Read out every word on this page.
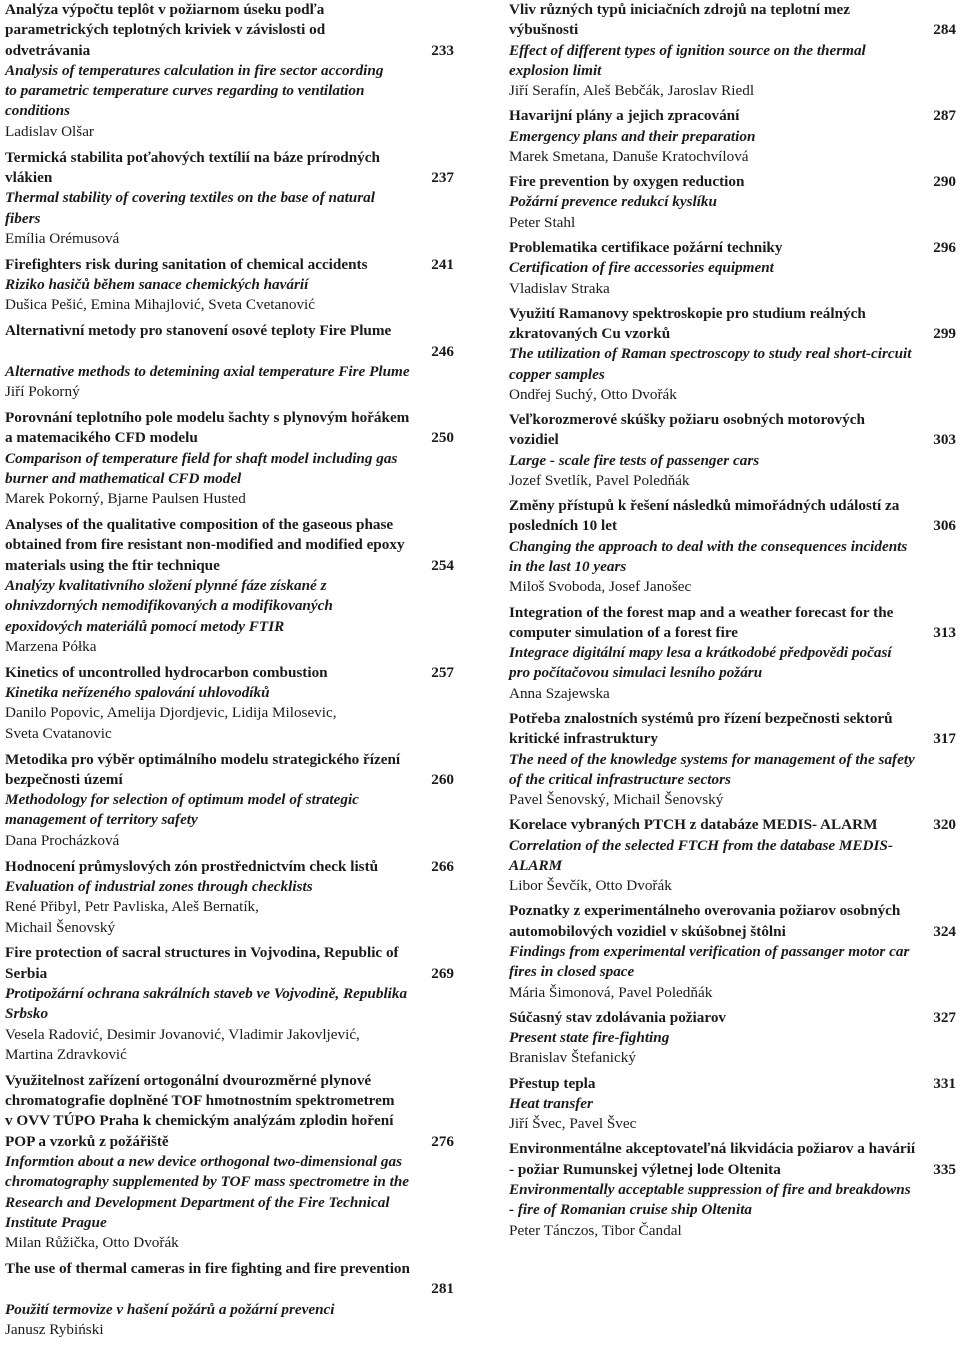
Analýza výpočtu teplôt v požiarnom úseku podľa
parametrických teplotných kriviek v závislosti od
odvetrávania	233
Analysis of temperatures calculation in fire sector according
to parametric temperature curves regarding to ventilation
conditions
Ladislav Olšar
Termická stabilita poťahových textílií na báze prírodných
vlákien	237
Thermal stability of covering textiles on the base of natural
fibers
Emília Orémusová
Firefighters risk during sanitation of chemical accidents	241
Riziko hasičů během sanace chemických havárií
Dušica Pešić, Emina Mihajlović, Sveta Cvetanović
Alternativní metody pro stanovení osové teploty Fire Plume
246
Alternative methods to detemining axial temperature Fire Plume
Jiří Pokorný
Porovnání teplotního pole modelu šachty s plynovým hořákem
a matemacikého CFD modelu	250
Comparison of temperature field for shaft model including gas
burner and mathematical CFD model
Marek Pokorný, Bjarne Paulsen Husted
Analyses of the qualitative composition of the gaseous phase
obtained from fire resistant non-modified and modified epoxy
materials using the ftir technique	254
Analýzy kvalitativního složení plynné fáze získané z
ohnivzdorných nemodifikovaných a modifikovaných
epoxidových materiálů pomocí metody FTIR
Marzena Półka
Kinetics of uncontrolled hydrocarbon combustion	257
Kinetika neřízeného spalování uhlovodíků
Danilo Popovic, Amelija Djordjevic, Lidija Milosevic,
Sveta Cvatanovic
Metodika pro výběr optimálního modelu strategického řízení
bezpečnosti území	260
Methodology for selection of optimum model of strategic
management of territory safety
Dana Procházková
Hodnocení průmyslových zón prostřednictvím check listů	266
Evaluation of industrial zones through checklists
René Přibyl, Petr Pavliska, Aleš Bernatík,
Michail Šenovský
Fire protection of sacral structures in Vojvodina, Republic of
Serbia	269
Protipožární ochrana sakrálních staveb ve Vojvodině, Republika
Srbsko
Vesela Radović, Desimir Jovanović, Vladimir Jakovljević,
Martina Zdravković
Využitelnost zařízení ortogonální dvourozměrné plynové
chromatografie doplněné TOF hmotnostním spektrometrem
v OVV TÚPO Praha k chemickým analýzám zplodin hoření
POP a vzorků z požářiště	276
Informtion about a new device orthogonal two-dimensional gas
chromatography supplemented by TOF mass spectrometre in the
Research and Development Department of the Fire Technical
Institute Prague
Milan Růžička, Otto Dvořák
The use of thermal cameras in fire fighting and fire prevention
281
Použití termovize v hašení požárů a požární prevenci
Janusz Rybiński
Vliv různých typů iniciačních zdrojů na teplotní mez
výbušnosti	284
Effect of different types of ignition source on the thermal
explosion limit
Jiří Serafín, Aleš Bebčák, Jaroslav Riedl
Havarijní plány a jejich zpracování	287
Emergency plans and their preparation
Marek Smetana, Danuše Kratochvílová
Fire prevention by oxygen reduction	290
Požární prevence redukcí kyslíku
Peter Stahl
Problematika certifikace požární techniky	296
Certification of fire accessories equipment
Vladislav Straka
Využití Ramanovy spektroskopie pro studium reálných
zkratovaných Cu vzorků	299
The utilization of Raman spectroscopy to study real short-circuit
copper samples
Ondřej Suchý, Otto Dvořák
Veľkorozmerové skúšky požiaru osobných motorových
vozidiel	303
Large - scale fire tests of passenger cars
Jozef Svetlík, Pavel Poledňák
Změny přístupů k řešení následků mimořádných událostí za
posledních 10 let	306
Changing the approach to deal with the consequences incidents
in the last 10 years
Miloš Svoboda, Josef Janošec
Integration of the forest map and a weather forecast for the
computer simulation of a forest fire	313
Integrace digitální mapy lesa a krátkodobé předpovědi počasí
pro počítačovou simulaci lesního požáru
Anna Szajewska
Potřeba znalostních systémů pro řízení bezpečnosti sektorů
kritické infrastruktury	317
The need of the knowledge systems for management of the safety
of the critical infrastructure sectors
Pavel Šenovský, Michail Šenovský
Korelace vybraných PTCH z databáze MEDIS- ALARM	320
Correlation of the selected FTCH from the database MEDIS-
ALARM
Libor Ševčík, Otto Dvořák
Poznatky z experimentálneho overovania požiarov osobných
automobilových vozidiel v skúšobnej štôlni	324
Findings from experimental verification of passanger motor car
fires in closed space
Mária Šimonová, Pavel Poledňák
Súčasný stav zdolávania požiarov	327
Present state fire-fighting
Branislav Štefanický
Přestup tepla	331
Heat transfer
Jiří Švec, Pavel Švec
Environmentálne akceptovateľná likvidácia požiarov a havárií
- požiar Rumunskej výletnej lode Oltenita	335
Environmentally acceptable suppression of fire and breakdowns
- fire of Romanian cruise ship Oltenita
Peter Tánczos, Tibor Čandal
